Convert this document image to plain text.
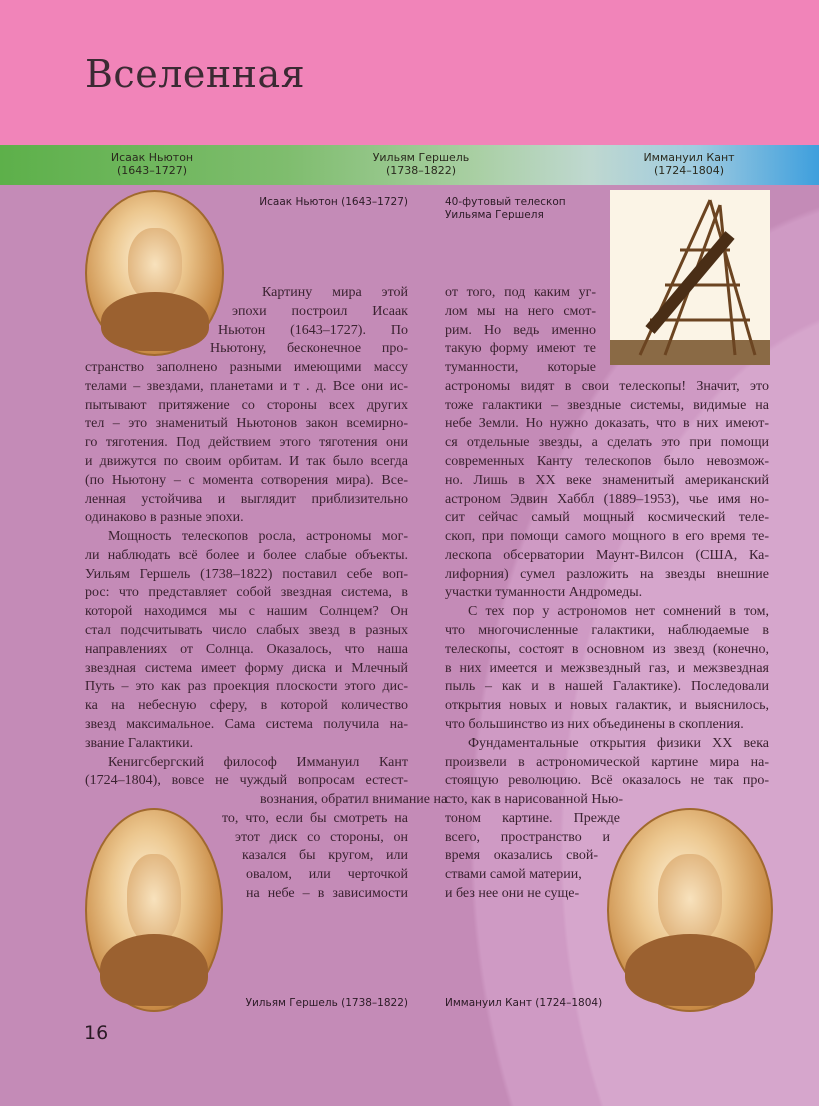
Вселенная
Исаак Ньютон
(1643–1727)
Уильям Гершель
(1738–1822)
Иммануил Кант
(1724–1804)
Исаак Ньютон (1643–1727)	40-футовый телескоп
Уильяма Гершеля
Уильям Гершель (1738–1822)	Иммануил Кант (1724–1804)
Картину мира этой
эпохи построил Исаак
Ньютон (1643–1727). По
Ньютону, бесконечное про-
странство заполнено разными имеющими массу
телами – звездами, планетами и т . д. Все они ис-
пытывают притяжение со стороны всех других
тел – это знаменитый Ньютонов закон всемирно-
го тяготения. Под действием этого тяготения они
и движутся по своим орбитам. И так было всегда
(по Ньютону – с момента сотворения мира). Все-
ленная устойчива и выглядит приблизительно
одинаково в разные эпохи.
Мощность телескопов росла, астрономы мог-
ли наблюдать всё более и более слабые объекты.
Уильям Гершель (1738–1822) поставил себе воп-
рос: что представляет собой звездная система, в
которой находимся мы с нашим Солнцем? Он
стал подсчитывать число слабых звезд в разных
направлениях от Солнца. Оказалось, что наша
звездная система имеет форму диска и Млечный
Путь – это как раз проекция плоскости этого дис-
ка на небесную сферу, в которой количество
звезд максимальное. Сама система получила на-
звание Галактики.
Кенигсбергский философ Иммануил Кант
(1724–1804), вовсе не чуждый вопросам естест-
вознания, обратил внимание на
то, что, если бы смотреть на
этот диск со стороны, он
казался бы кругом, или
овалом, или черточкой
на небе – в зависимости
от того, под каким уг-
лом мы на него смот-
рим. Но ведь именно
такую форму имеют те
туманности, которые
астрономы видят в свои телескопы! Значит, это
тоже галактики – звездные системы, видимые на
небе Земли. Но нужно доказать, что в них имеют-
ся отдельные звезды, а сделать это при помощи
современных Канту телескопов было невозмож-
но. Лишь в XX веке знаменитый американский
астроном Эдвин Хаббл (1889–1953), чье имя но-
сит сейчас самый мощный космический теле-
скоп, при помощи самого мощного в его время те-
лескопа обсерватории Маунт-Вилсон (США, Ка-
лифорния) сумел разложить на звезды внешние
участки туманности Андромеды.
С тех пор у астрономов нет сомнений в том,
что многочисленные галактики, наблюдаемые в
телескопы, состоят в основном из звезд (конечно,
в них имеется и межзвездный газ, и межзвездная
пыль – как и в нашей Галактике). Последовали
открытия новых и новых галактик, и выяснилось,
что большинство из них объединены в скопления.
Фундаментальные открытия физики XX века
произвели в астрономической картине мира на-
стоящую революцию. Всё оказалось не так про-
сто, как в нарисованной Нью-
тоном картине. Прежде
всего, пространство и
время оказались свой-
ствами самой материи,
и без нее они не суще-
16
